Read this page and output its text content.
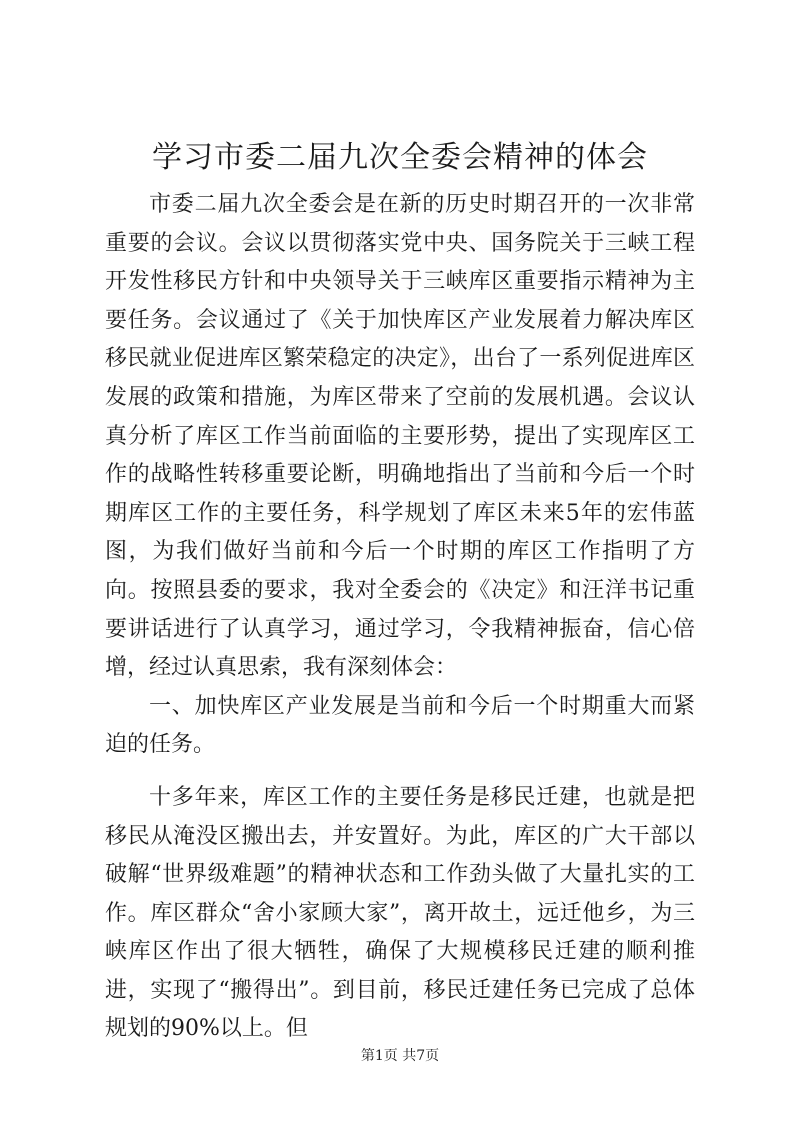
学习市委二届九次全委会精神的体会

市委二届九次全委会是在新的历史时期召开的一次非常重要的会议。会议以贯彻落实党中央、国务院关于三峡工程开发性移民方针和中央领导关于三峡库区重要指示精神为主要任务。会议通过了《关于加快库区产业发展着力解决库区移民就业促进库区繁荣稳定的决定》，出台了一系列促进库区发展的政策和措施，为库区带来了空前的发展机遇。会议认真分析了库区工作当前面临的主要形势，提出了实现库区工作的战略性转移重要论断，明确地指出了当前和今后一个时期库区工作的主要任务，科学规划了库区未来5年的宏伟蓝图，为我们做好当前和今后一个时期的库区工作指明了方向。按照县委的要求，我对全委会的《决定》和汪洋书记重要讲话进行了认真学习，通过学习，令我精神振奋，信心倍增，经过认真思索，我有深刻体会：

一、加快库区产业发展是当前和今后一个时期重大而紧迫的任务。

十多年来，库区工作的主要任务是移民迁建，也就是把移民从淹没区搬出去，并安置好。为此，库区的广大干部以破解“世界级难题”的精神状态和工作劲头做了大量扎实的工作。库区群众“舍小家顾大家”，离开故土，远迁他乡，为三峡库区作出了很大牺牲，确保了大规模移民迁建的顺利推进，实现了“搬得出”。到目前，移民迁建任务已完成了总体规划的90%以上。但

第1页 共7页
